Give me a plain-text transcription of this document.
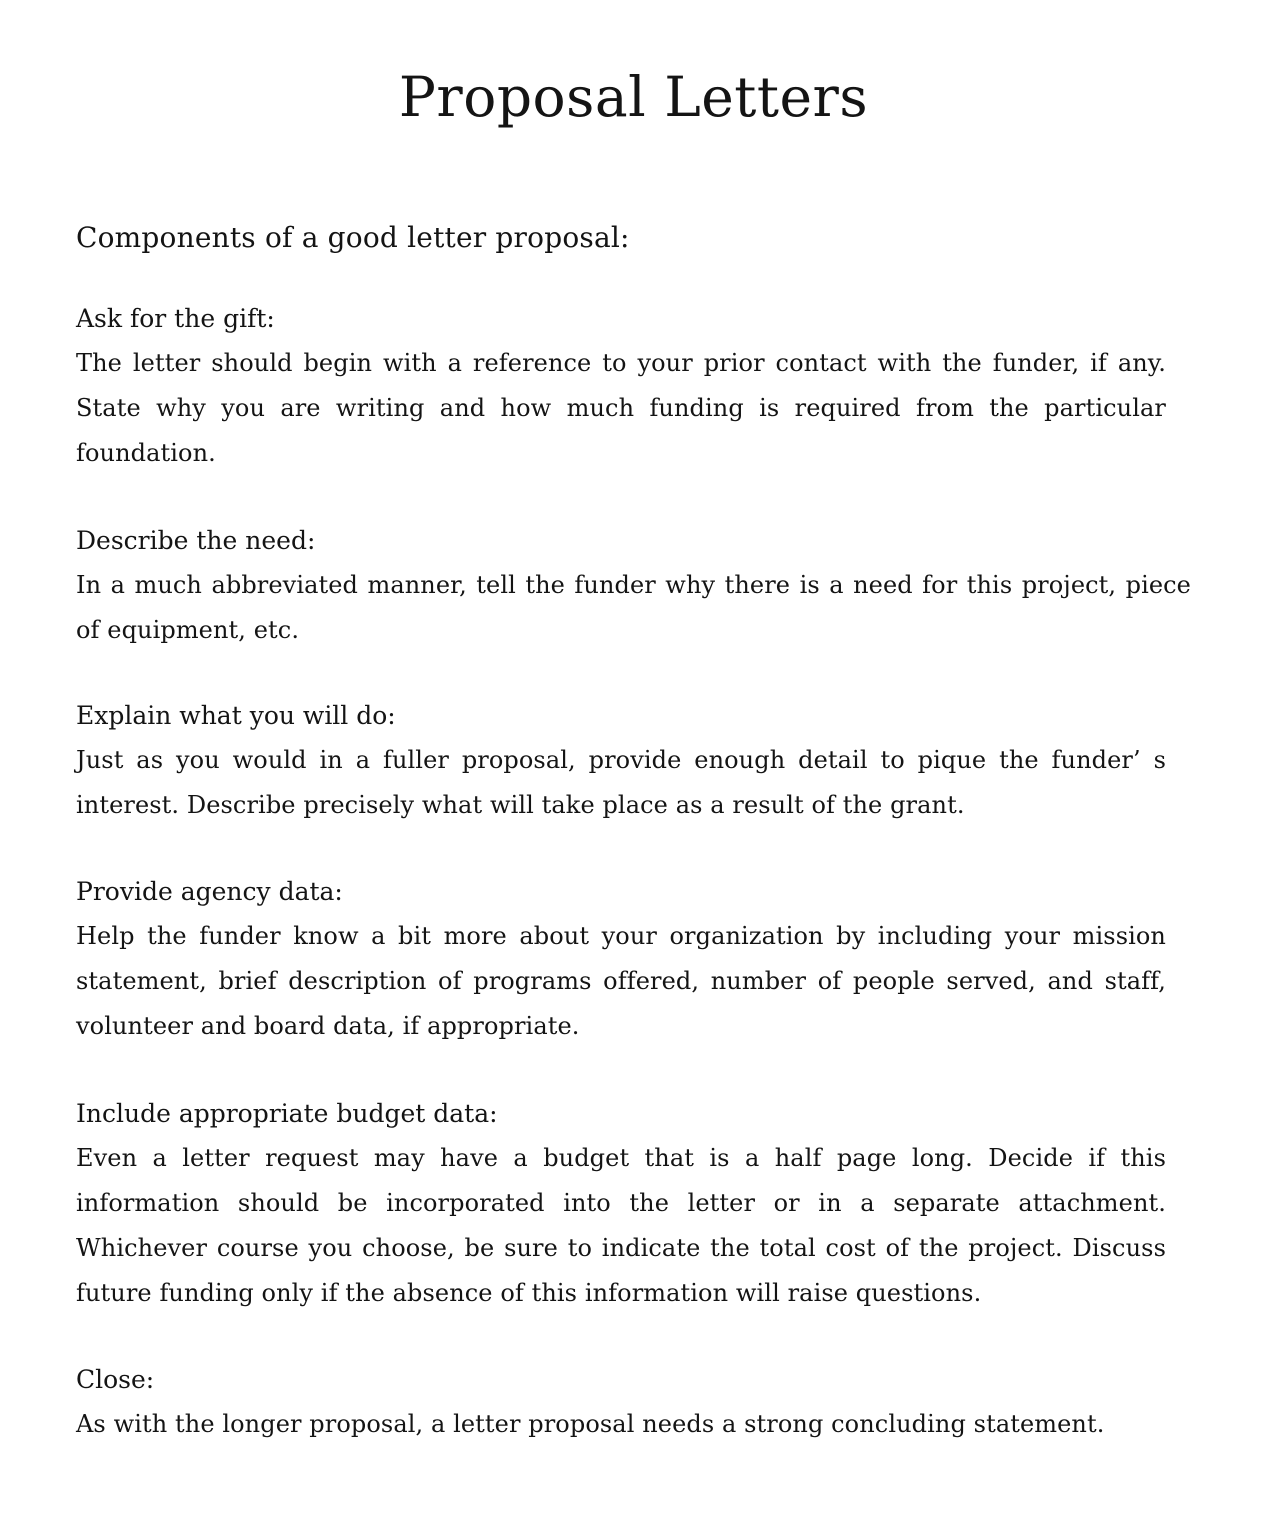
Proposal Letters

Components of a good letter proposal:

Ask for the gift:

The letter should begin with a reference to your prior contact with the funder, if any. State why you are writing and how much funding is required from the particular foundation.

Describe the need:

In a much abbreviated manner, tell the funder why there is a need for this project, piece of equipment, etc.

Explain what you will do:

Just as you would in a fuller proposal, provide enough detail to pique the funder’ s interest. Describe precisely what will take place as a result of the grant.

Provide agency data:

Help the funder know a bit more about your organization by including your mission statement, brief description of programs offered, number of people served, and staff, volunteer and board data, if appropriate.

Include appropriate budget data:

Even a letter request may have a budget that is a half page long. Decide if this information should be incorporated into the letter or in a separate attachment. Whichever course you choose, be sure to indicate the total cost of the project. Discuss future funding only if the absence of this information will raise questions.

Close:

As with the longer proposal, a letter proposal needs a strong concluding statement.
